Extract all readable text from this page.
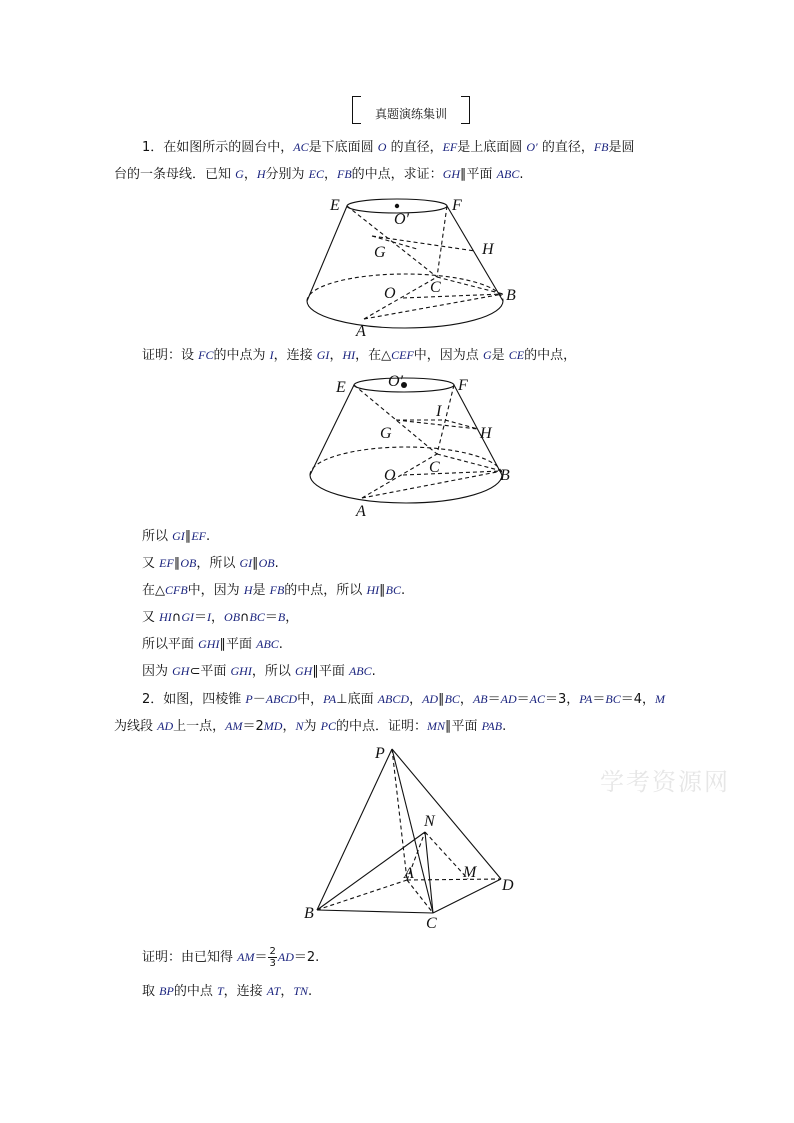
真题演练集训
1．在如图所示的圆台中，AC是下底面圆 O 的直径，EF是上底面圆 O′ 的直径，FB是圆
台的一条母线．已知 G，H分别为 EC，FB的中点，求证：GH∥平面 ABC.
E	F
O′
G	H
O C	B
A
证明：设 FC的中点为 I，连接 GI，HI，在△CEF中，因为点 G是 CE的中点，
E	F
O′
I
G	H
O C	B
A
所以 GI∥EF.
又 EF∥OB，所以 GI∥OB.
在△CFB中，因为 H是 FB的中点，所以 HI∥BC.
又 HI∩GI＝I，OB∩BC＝B，
所以平面 GHI∥平面 ABC.
因为 GH⊂平面 GHI，所以 GH∥平面 ABC.
2．如图，四棱锥 P－ABCD中，PA⊥底面 ABCD，AD∥BC，AB＝AD＝AC＝3，PA＝BC＝4，M
为线段 AD上一点，AM＝2MD，N为 PC的中点．证明：MN∥平面 PAB.
P
N
A	M
D
B
C
学考资源网
证明：由已知得 $AM= \frac{2}{3} AD=2$.
取 BP的中点 T，连接 AT，TN.
